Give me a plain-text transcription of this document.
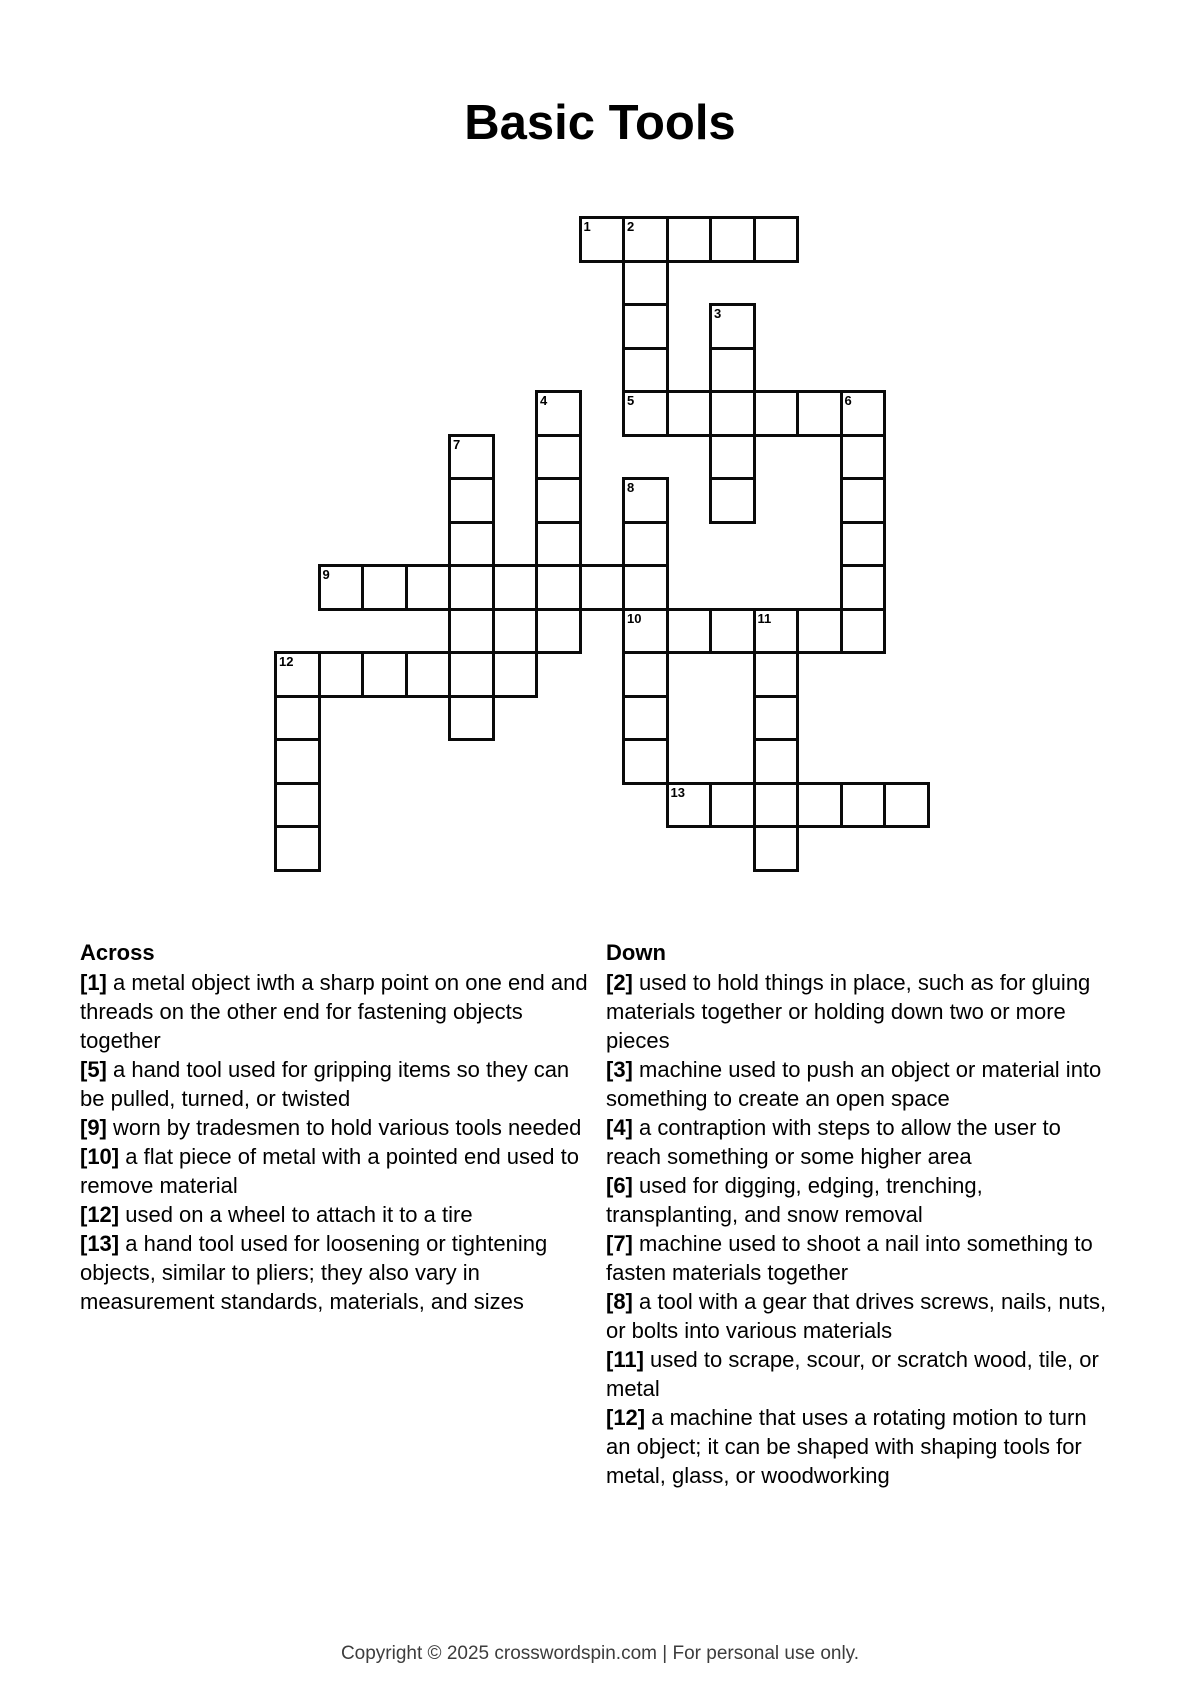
Basic Tools
1	2
3
4	5	6
7
8
9
10	11
12
13
Across
[1] a metal object iwth a sharp point on one end and threads on the other end for fastening objects together
[5] a hand tool used for gripping items so they can be pulled, turned, or twisted
[9] worn by tradesmen to hold various tools needed
[10] a flat piece of metal with a pointed end used to remove material
[12] used on a wheel to attach it to a tire
[13] a hand tool used for loosening or tightening objects, similar to pliers; they also vary in measurement standards, materials, and sizes
Down
[2] used to hold things in place, such as for gluing materials together or holding down two or more pieces
[3] machine used to push an object or material into something to create an open space
[4] a contraption with steps to allow the user to reach something or some higher area
[6] used for digging, edging, trenching, transplanting, and snow removal
[7] machine used to shoot a nail into something to fasten materials together
[8] a tool with a gear that drives screws, nails, nuts, or bolts into various materials
[11] used to scrape, scour, or scratch wood, tile, or metal
[12] a machine that uses a rotating motion to turn an object; it can be shaped with shaping tools for metal, glass, or woodworking
Copyright © 2025 crosswordspin.com | For personal use only.
